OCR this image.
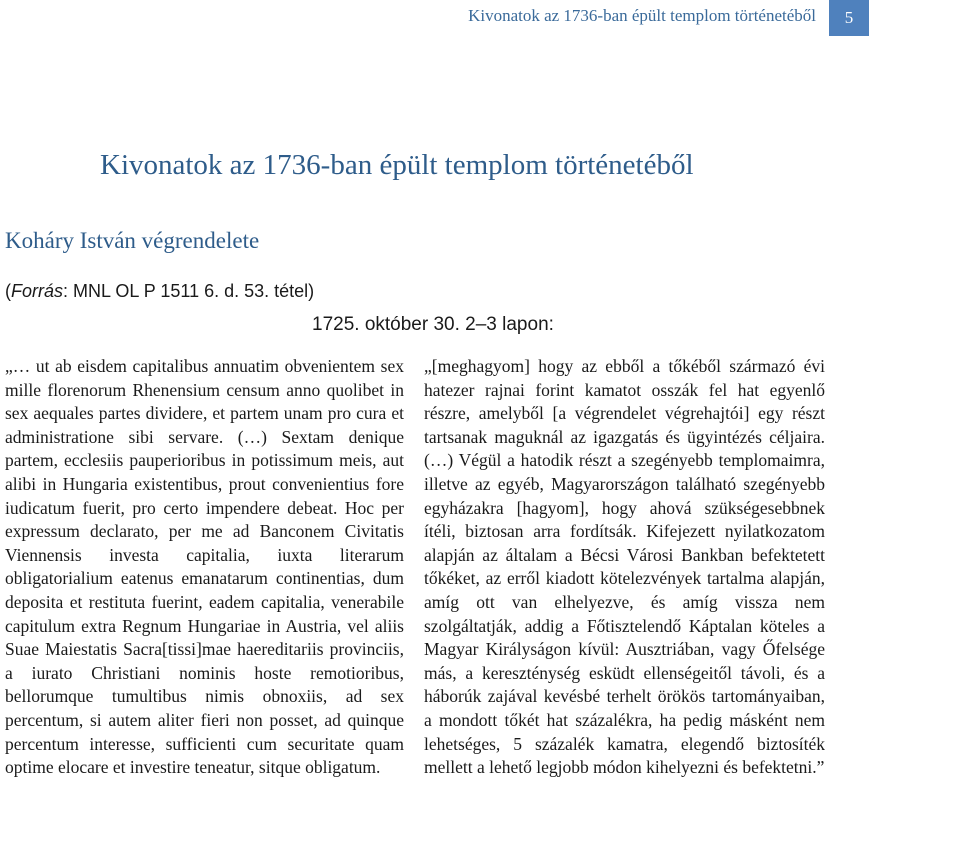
Kivonatok az 1736-ban épült templom történetéből	5
Kivonatok az 1736-ban épült templom történetéből
Koháry István végrendelete
(Forrás: MNL OL P 1511 6. d. 53. tétel)
1725. október 30. 2–3 lapon:

„… ut ab eisdem capitalibus annuatim obvenientem sex mille florenorum Rhenensium censum anno quolibet in sex aequales partes dividere, et partem unam pro cura et administratione sibi servare. (…) Sextam denique partem, ecclesiis pauperioribus in potissimum meis, aut alibi in Hungaria existentibus, prout convenientius fore iudicatum fuerit, pro certo impendere debeat. Hoc per expressum declarato, per me ad Banconem Civitatis Viennensis investa capitalia, iuxta literarum obligatorialium eatenus emanatarum continentias, dum deposita et restituta fuerint, eadem capitalia, venerabile capitulum extra Regnum Hungariae in Austria, vel aliis Suae Maiestatis Sacra[tissi]mae haereditariis provinciis, a iurato Christiani nominis hoste remotioribus, bellorumque tumultibus nimis obnoxiis, ad sex percentum, si autem aliter fieri non posset, ad quinque percentum interesse, sufficienti cum securitate quam optime elocare et investire teneatur, sitque obligatum.

„[meghagyom] hogy az ebből a tőkéből származó évi hatezer rajnai forint kamatot osszák fel hat egyenlő részre, amelyből [a végrendelet végrehajtói] egy részt tartsanak maguknál az igazgatás és ügyintézés céljaira. (…) Végül a hatodik részt a szegényebb templomaimra, illetve az egyéb, Magyarországon található szegényebb egyházakra [hagyom], hogy ahová szükségesebbnek ítéli, biztosan arra fordítsák. Kifejezett nyilatkozatom alapján az általam a Bécsi Városi Bankban befektetett tőkéket, az erről kiadott kötelezvények tartalma alapján, amíg ott van elhelyezve, és amíg vissza nem szolgáltatják, addig a Főtisztelendő Káptalan köteles a Magyar Királyságon kívül: Ausztriában, vagy Őfelsége más, a kereszténység esküdt ellenségeitől távoli, és a háborúk zajával kevésbé terhelt örökös tartományaiban, a mondott tőkét hat százalékra, ha pedig másként nem lehetséges, 5 százalék kamatra, elegendő biztosíték mellett a lehető legjobb módon kihelyezni és befektetni.”
